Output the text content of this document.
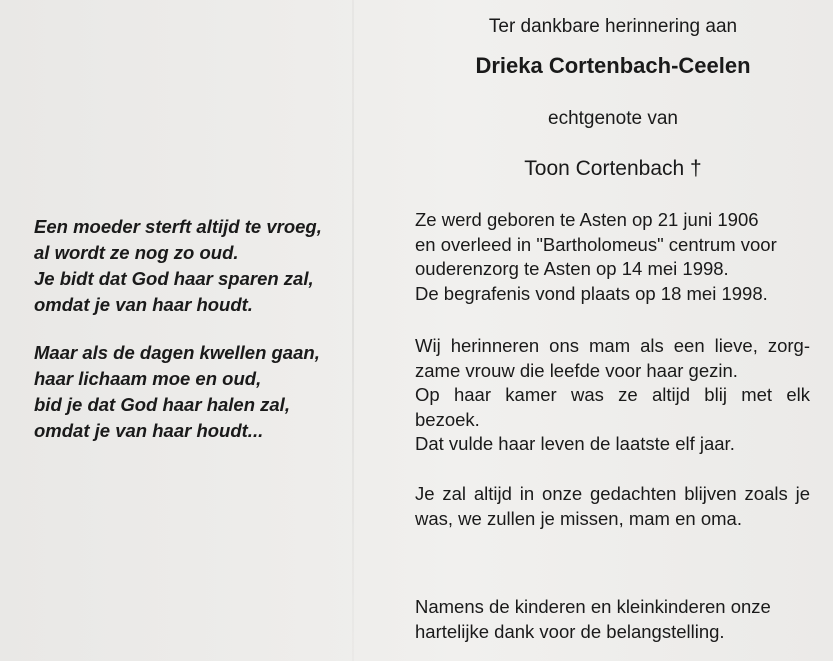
Ter dankbare herinnering aan
Drieka Cortenbach-Ceelen
echtgenote van
Toon Cortenbach †
Een moeder sterft altijd te vroeg,
al wordt ze nog zo oud.
Je bidt dat God haar sparen zal,
omdat je van haar houdt.
Maar als de dagen kwellen gaan,
haar lichaam moe en oud,
bid je dat God haar halen zal,
omdat je van haar houdt...
Ze werd geboren te Asten op 21 juni 1906
en overleed in "Bartholomeus" centrum voor
ouderenzorg te Asten op 14 mei 1998.
De begrafenis vond plaats op 18 mei 1998.
Wij herinneren ons mam als een lieve, zorg-
zame vrouw die leefde voor haar gezin.
Op haar kamer was ze altijd blij met elk
bezoek.
Dat vulde haar leven de laatste elf jaar.
Je zal altijd in onze gedachten blijven zoals je
was, we zullen je missen, mam en oma.
Namens de kinderen en kleinkinderen onze
hartelijke dank voor de belangstelling.
